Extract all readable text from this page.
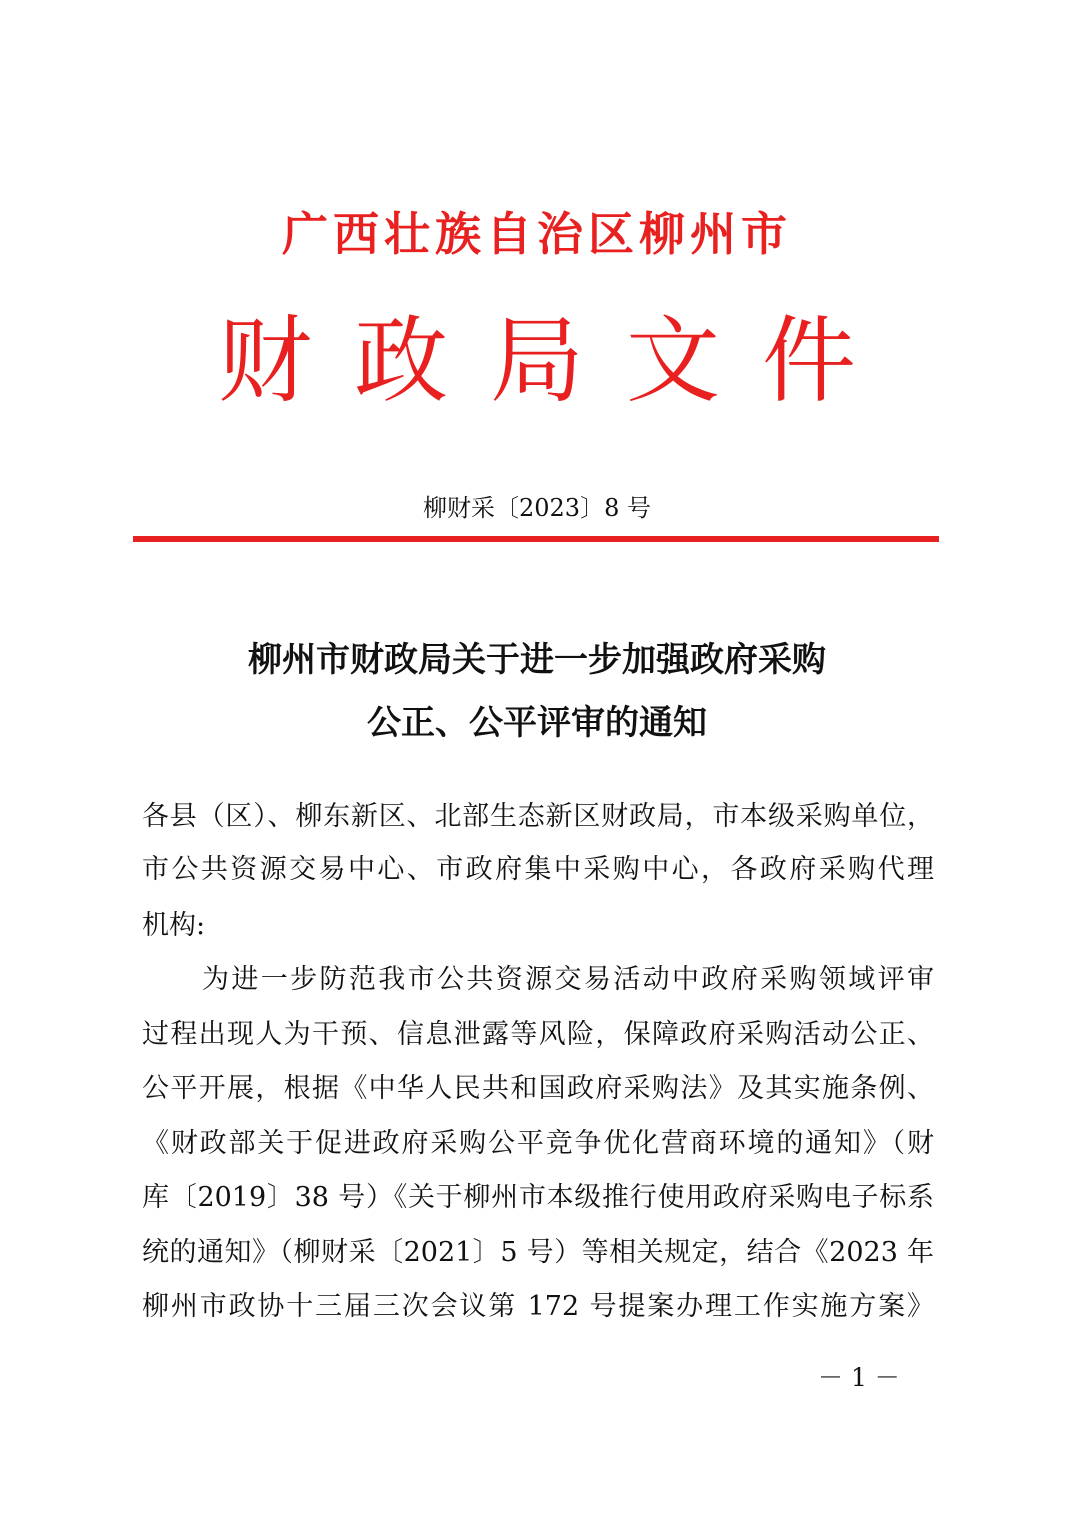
广西壮族自治区柳州市
财政局文件
柳财采〔2023〕8 号
柳州市财政局关于进一步加强政府采购
公正、公平评审的通知
各县（区）、柳东新区、北部生态新区财政局，市本级采购单位，
市公共资源交易中心、市政府集中采购中心，各政府采购代理
机构:
为进一步防范我市公共资源交易活动中政府采购领域评审
过程出现人为干预、信息泄露等风险，保障政府采购活动公正、
公平开展，根据《中华人民共和国政府采购法》及其实施条例、
《财政部关于促进政府采购公平竞争优化营商环境的通知》（财
库〔2019〕38 号）《关于柳州市本级推行使用政府采购电子标系
统的通知》（柳财采〔2021〕5 号）等相关规定，结合《2023 年
柳州市政协十三届三次会议第 172 号提案办理工作实施方案》
－ 1 －
